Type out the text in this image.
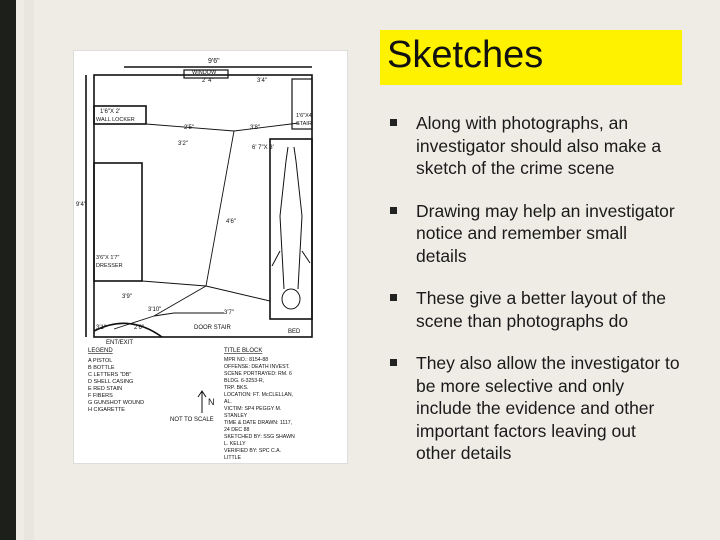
Sketches
9'6"
WINDOW
2' 4"	3'4"
9'4"
1'6"X 2'
WALL LOCKER
1'6"X4'
STAIR
6' 7"X 3'
2'5"
3'2"
3'8"
4'6"
3'6"X 1'7"
DRESSER
3'9"
3'10"	3'7"
2'6"
3'1"	DOOR STAIR
ENT/EXIT
BED
LEGEND
A PISTOL
B BOTTLE
C LETTERS "DB"
D SHELL CASING
E RED STAIN
F FIBERS
G GUNSHOT WOUND
H CIGARETTE
N
NOT TO SCALE
TITLE BLOCK
MPR NO.: 8154-88
OFFENSE: DEATH INVEST.
SCENE PORTRAYED: RM. 6
BLDG. 6-3253-R,
TRP. BKS.
LOCATION: FT. McCLELLAN,
AL.
VICTIM: SP4 PEGGY M.
STANLEY
TIME & DATE DRAWN: 1117,
24 DEC 88
SKETCHED BY: SSG SHAWN
L. KELLY
VERIFIED BY: SPC C.A.
LITTLE
Along with photographs, an investigator should also make a sketch of the crime scene
Drawing may help an investigator notice and remember small details
These give a better layout of the scene than photographs do
They also allow the investigator to be more selective and only include the evidence and other important factors leaving out other details
